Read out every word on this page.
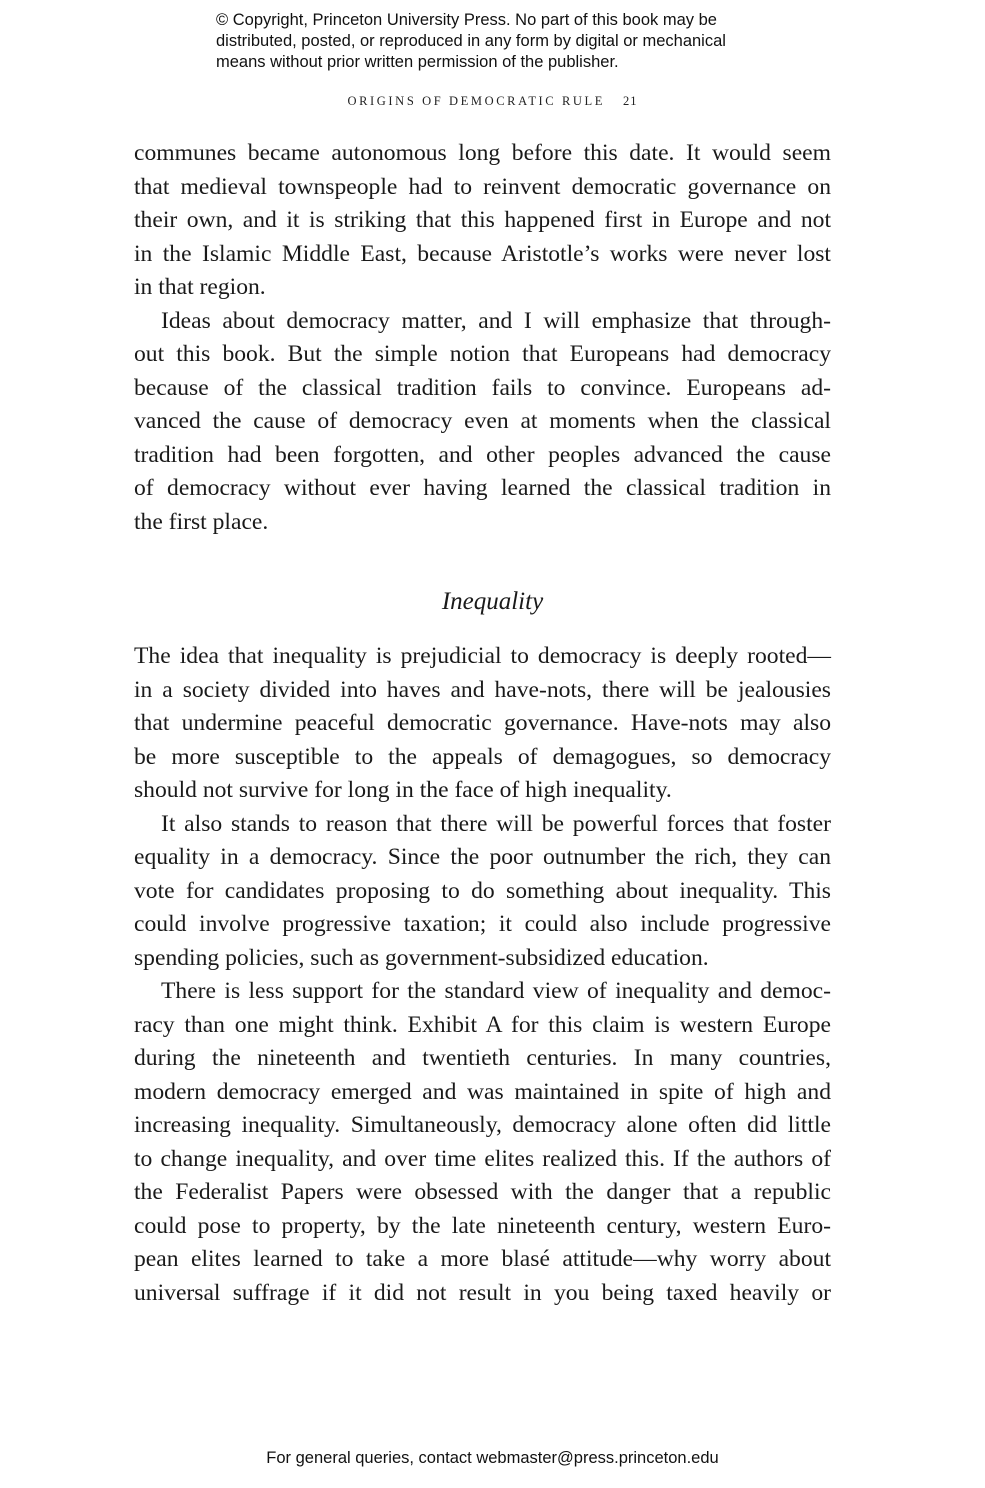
© Copyright, Princeton University Press. No part of this book may be
distributed, posted, or reproduced in any form by digital or mechanical
means without prior written permission of the publisher.
ORIGINS OF DEMOCRATIC RULE 21
communes became autonomous long before this date. It would seem
that medieval townspeople had to reinvent democratic governance on
their own, and it is striking that this happened first in Europe and not
in the Islamic Middle East, because Aristotle’s works were never lost
in that region.
Ideas about democracy matter, and I will emphasize that through-
out this book. But the simple notion that Europeans had democracy
because of the classical tradition fails to convince. Europeans ad-
vanced the cause of democracy even at moments when the classical
tradition had been forgotten, and other peoples advanced the cause
of democracy without ever having learned the classical tradition in
the first place.
Inequality
The idea that inequality is prejudicial to democracy is deeply rooted—
in a society divided into haves and have-nots, there will be jealousies
that undermine peaceful democratic governance. Have-nots may also
be more susceptible to the appeals of demagogues, so democracy
should not survive for long in the face of high inequality.
It also stands to reason that there will be powerful forces that foster
equality in a democracy. Since the poor outnumber the rich, they can
vote for candidates proposing to do something about inequality. This
could involve progressive taxation; it could also include progressive
spending policies, such as government-subsidized education.
There is less support for the standard view of inequality and democ-
racy than one might think. Exhibit A for this claim is western Europe
during the nineteenth and twentieth centuries. In many countries,
modern democracy emerged and was maintained in spite of high and
increasing inequality. Simultaneously, democracy alone often did little
to change inequality, and over time elites realized this. If the authors of
the Federalist Papers were obsessed with the danger that a republic
could pose to property, by the late nineteenth century, western Euro-
pean elites learned to take a more blasé attitude—why worry about
universal suffrage if it did not result in you being taxed heavily or
For general queries, contact webmaster@press.princeton.edu
